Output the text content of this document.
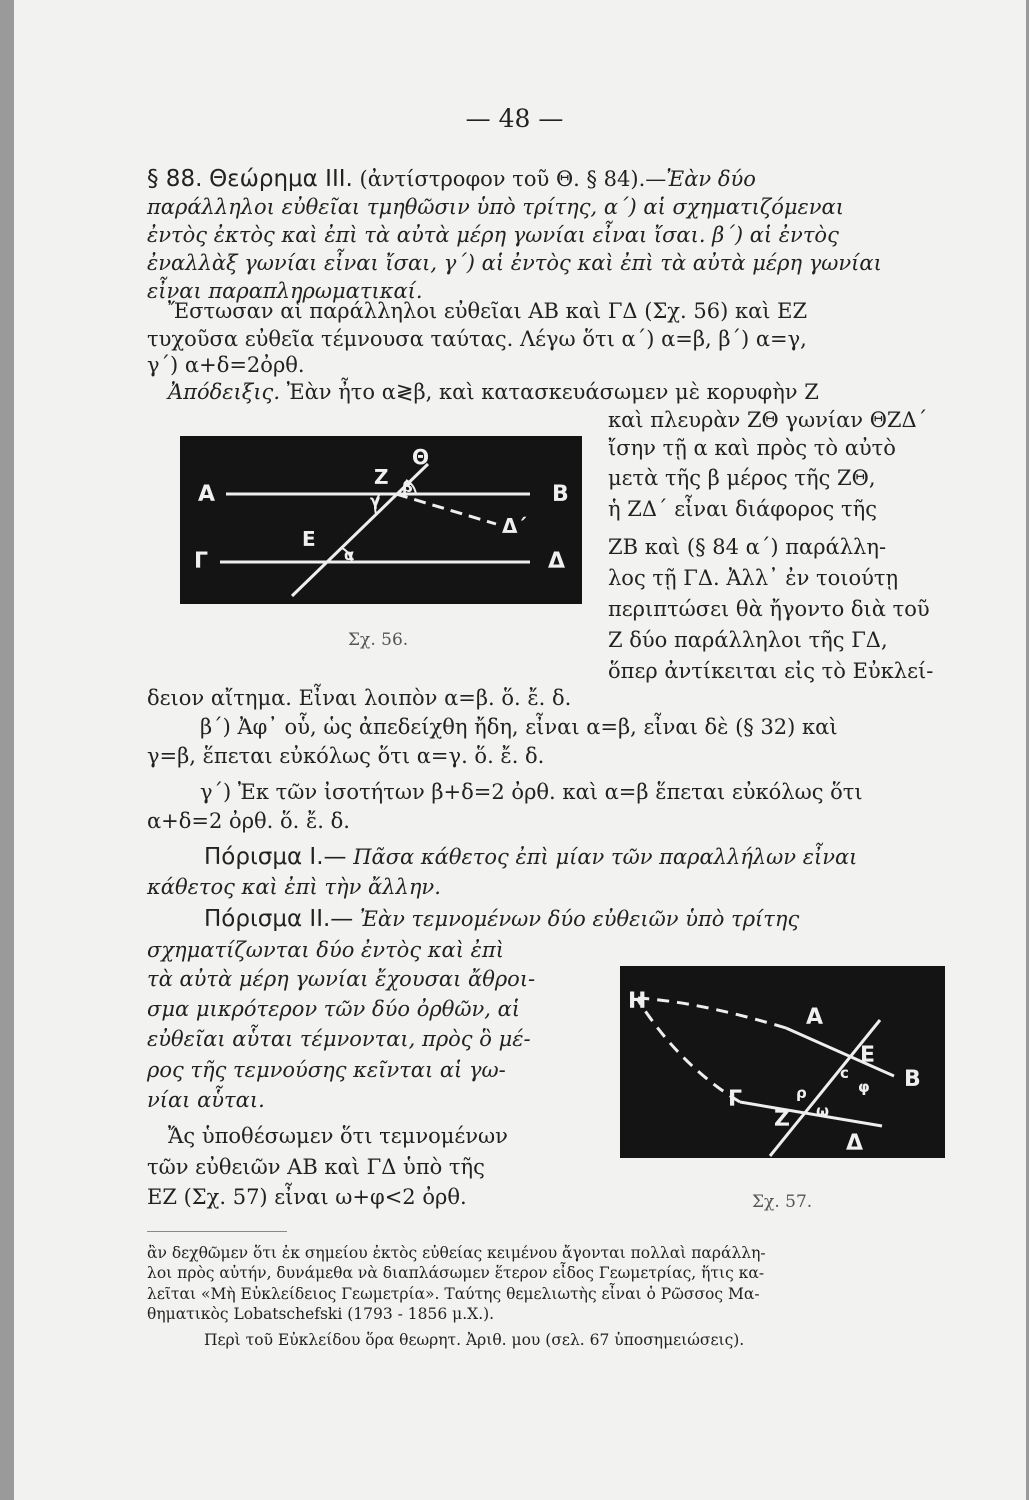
— 48 —
§ 88. Θεώρημα ΙΙΙ. (ἀντίστροφον τοῦ Θ. § 84).—Ἐὰν δύο
παράλληλοι εὐθεῖαι τμηθῶσιν ὑπὸ τρίτης, α΄) αἱ σχηματιζόμεναι
ἐντὸς ἐκτὸς καὶ ἐπὶ τὰ αὐτὰ μέρη γωνίαι εἶναι ἴσαι. β΄) αἱ ἐντὸς
ἐναλλὰξ γωνίαι εἶναι ἴσαι, γ΄) αἱ ἐντὸς καὶ ἐπὶ τὰ αὐτὰ μέρη γωνίαι
εἶναι παραπληρωματικαί.
Ἔστωσαν αἱ παράλληλοι εὐθεῖαι ΑΒ καὶ ΓΔ (Σχ. 56) καὶ ΕΖ
τυχοῦσα εὐθεῖα τέμνουσα ταύτας. Λέγω ὅτι α΄) α=β, β΄) α=γ,
γ΄) α+δ=2ὀρθ.
Ἀπόδειξις. Ἐὰν ἦτο α≷β, καὶ κατασκευάσωμεν μὲ κορυφὴν Ζ
καὶ πλευρὰν ΖΘ γωνίαν ΘΖΔ΄
ἴσην τῇ α καὶ πρὸς τὸ αὐτὸ
μετὰ τῆς β μέρος τῆς ΖΘ,
ἡ ΖΔ΄ εἶναι διάφορος τῆς
ΖΒ καὶ (§ 84 α΄) παράλλη-
λος τῇ ΓΔ. Ἀλλ᾿ ἐν τοιούτῃ
περιπτώσει θὰ ἤγοντο διὰ τοῦ
Ζ δύο παράλληλοι τῆς ΓΔ,
ὅπερ ἀντίκειται εἰς τὸ Εὐκλεί-
Α	Β
Γ	Δ
Ε
Ζ
Θ
Δ΄
α
β
γ
Σχ. 56.
δειον αἴτημα. Εἶναι λοιπὸν α=β. ὅ. ἔ. δ.
β΄) Ἀφ᾿ οὗ, ὡς ἀπεδείχθη ἤδη, εἶναι α=β, εἶναι δὲ (§ 32) καὶ
γ=β, ἕπεται εὐκόλως ὅτι α=γ. ὅ. ἔ. δ.
γ΄) Ἐκ τῶν ἰσοτήτων β+δ=2 ὀρθ. καὶ α=β ἕπεται εὐκόλως ὅτι
α+δ=2 ὀρθ. ὅ. ἔ. δ.
Πόρισμα Ι.— Πᾶσα κάθετος ἐπὶ μίαν τῶν παραλλήλων εἶναι
κάθετος καὶ ἐπὶ τὴν ἄλλην.
Πόρισμα ΙΙ.— Ἐὰν τεμνομένων δύο εὐθειῶν ὑπὸ τρίτης
σχηματίζωνται δύο ἐντὸς καὶ ἐπὶ
τὰ αὐτὰ μέρη γωνίαι ἔχουσαι ἄθροι-
σμα μικρότερον τῶν δύο ὀρθῶν, αἱ
εὐθεῖαι αὗται τέμνονται, πρὸς ὃ μέ-
ρος τῆς τεμνούσης κεῖνται αἱ γω-
νίαι αὗται.
Ἄς ὑποθέσωμεν ὅτι τεμνομένων
τῶν εὐθειῶν ΑΒ καὶ ΓΔ ὑπὸ τῆς
ΕΖ (Σχ. 57) εἶναι ω+φ<2 ὀρθ.
Η
Α
Ε
Β
Γ
Ζ
Δ
c
φ
ρ
ω
Σχ. 57.
ἂν δεχθῶμεν ὅτι ἐκ σημείου ἐκτὸς εὐθείας κειμένου ἄγονται πολλαὶ παράλλη-
λοι πρὸς αὐτήν, δυνάμεθα νὰ διαπλάσωμεν ἕτερον εἶδος Γεωμετρίας, ἥτις κα-
λεῖται «Μὴ Εὐκλείδειος Γεωμετρία». Ταύτης θεμελιωτὴς εἶναι ὁ Ρῶσσος Μα-
θηματικὸς Lobatschefski (1793 - 1856 μ.Χ.).
Περὶ τοῦ Εὐκλείδου ὅρα θεωρητ. Ἀριθ. μου (σελ. 67 ὑποσημειώσεις).
